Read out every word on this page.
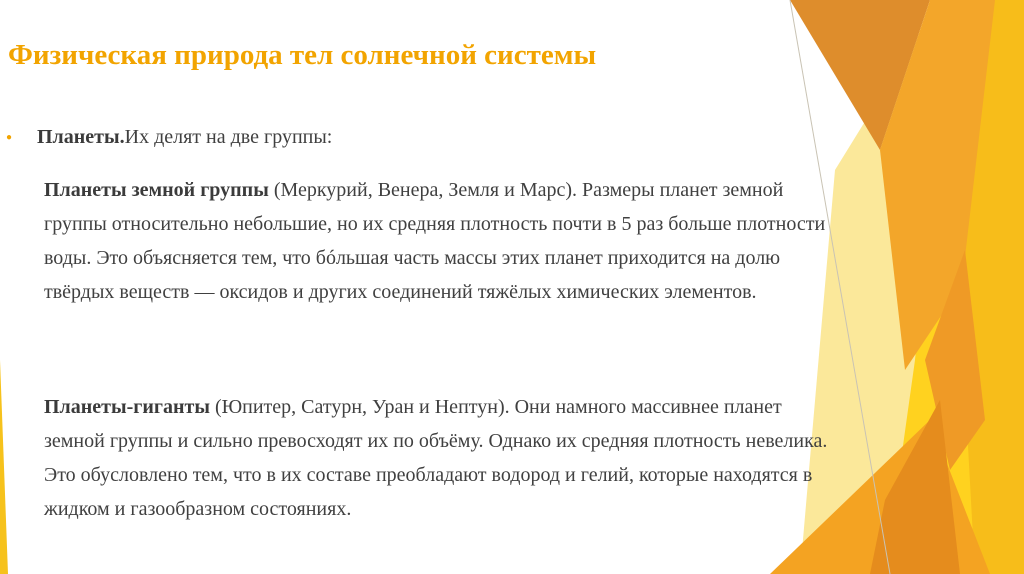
Физическая природа тел солнечной системы
●	Планеты. Их делят на две группы:

Планеты земной группы (Меркурий, Венера, Земля и Марс). Размеры планет земной группы относительно небольшие, но их средняя плотность почти в 5 раз больше плотности воды. Это объясняется тем, что бóльшая часть массы этих планет приходится на долю твёрдых веществ — оксидов и других соединений тяжёлых химических элементов.

Планеты-гиганты (Юпитер, Сатурн, Уран и Нептун). Они намного массивнее планет земной группы и сильно превосходят их по объёму. Однако их средняя плотность невелика. Это обусловлено тем, что в их составе преобладают водород и гелий, которые находятся в жидком и газообразном состояниях.
